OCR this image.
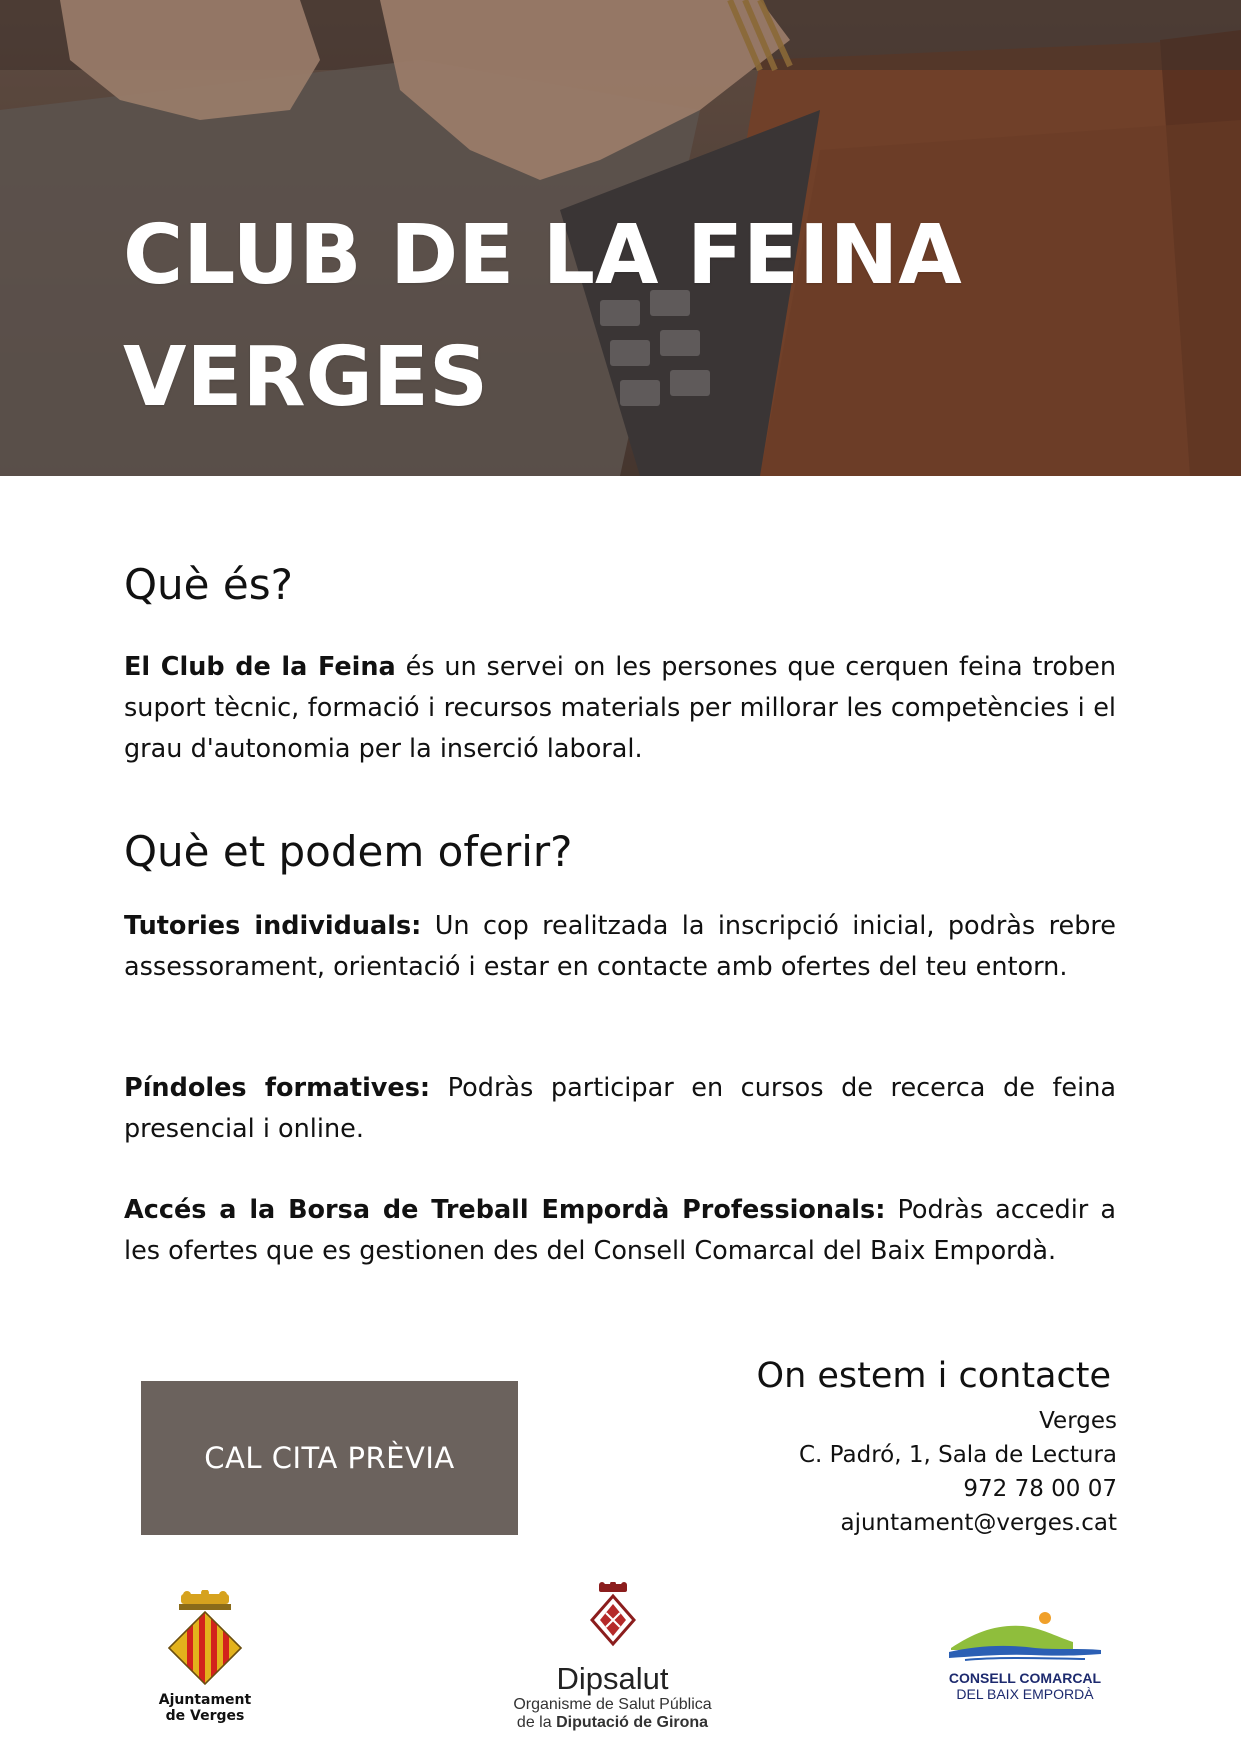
CLUB DE LA FEINA
VERGES
Què és?

El Club de la Feina és un servei on les persones que cerquen feina troben suport tècnic, formació i recursos materials per millorar les competències i el grau d'autonomia per la inserció laboral.

Què et podem oferir?

Tutories individuals: Un cop realitzada la inscripció inicial, podràs rebre assessorament, orientació i estar en contacte amb ofertes del teu entorn.

Píndoles formatives: Podràs participar en cursos de recerca de feina presencial i online.

Accés a la Borsa de Treball Empordà Professionals: Podràs accedir a les ofertes que es gestionen des del Consell Comarcal del Baix Empordà.

CAL CITA PRÈVIA
On estem i contacte
Verges
C. Padró, 1, Sala de Lectura
972 78 00 07
ajuntament@verges.cat
Ajuntament
de Verges
Dipsalut
Organisme de Salut Pública
de la Diputació de Girona
CONSELL COMARCAL
DEL BAIX EMPORDÀ
